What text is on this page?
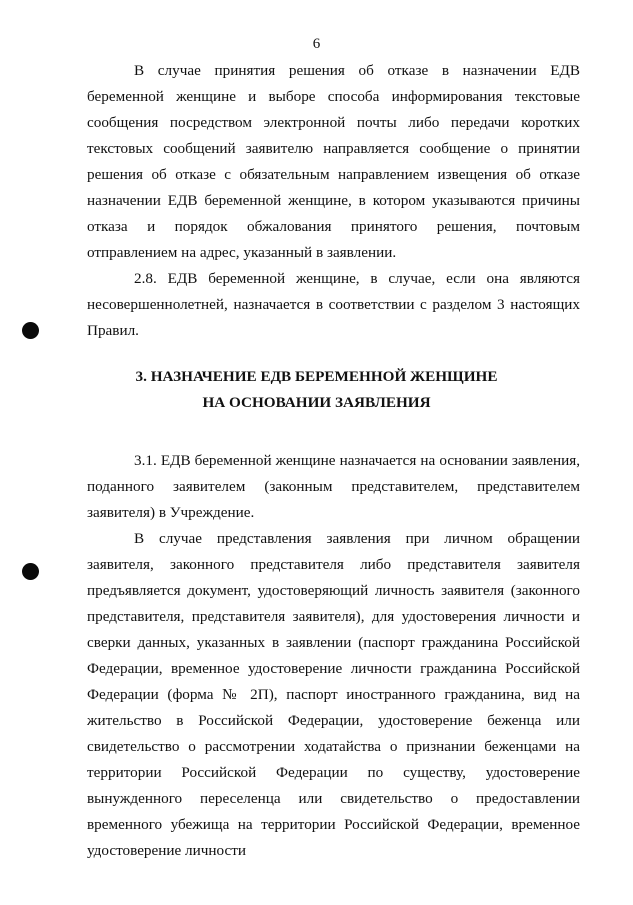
6

В случае принятия решения об отказе в назначении ЕДВ беременной женщине и выборе способа информирования текстовые сообщения посредством электронной почты либо передачи коротких текстовых сообщений заявителю направляется сообщение о принятии решения об отказе с обязательным направлением извещения об отказе назначении ЕДВ беременной женщине, в котором указываются причины отказа и порядок обжалования принятого решения, почтовым отправлением на адрес, указанный в заявлении.

2.8. ЕДВ беременной женщине, в случае, если она являются несовершеннолетней, назначается в соответствии с разделом 3 настоящих Правил.

3. НАЗНАЧЕНИЕ ЕДВ БЕРЕМЕННОЙ ЖЕНЩИНЕ
НА ОСНОВАНИИ ЗАЯВЛЕНИЯ

3.1. ЕДВ беременной женщине назначается на основании заявления, поданного заявителем (законным представителем, представителем заявителя) в Учреждение.

В случае представления заявления при личном обращении заявителя, законного представителя либо представителя заявителя предъявляется документ, удостоверяющий личность заявителя (законного представителя, представителя заявителя), для удостоверения личности и сверки данных, указанных в заявлении (паспорт гражданина Российской Федерации, временное удостоверение личности гражданина Российской Федерации (форма № 2П), паспорт иностранного гражданина, вид на жительство в Российской Федерации, удостоверение беженца или свидетельство о рассмотрении ходатайства о признании беженцами на территории Российской Федерации по существу, удостоверение вынужденного переселенца или свидетельство о предоставлении временного убежища на территории Российской Федерации, временное удостоверение личности
